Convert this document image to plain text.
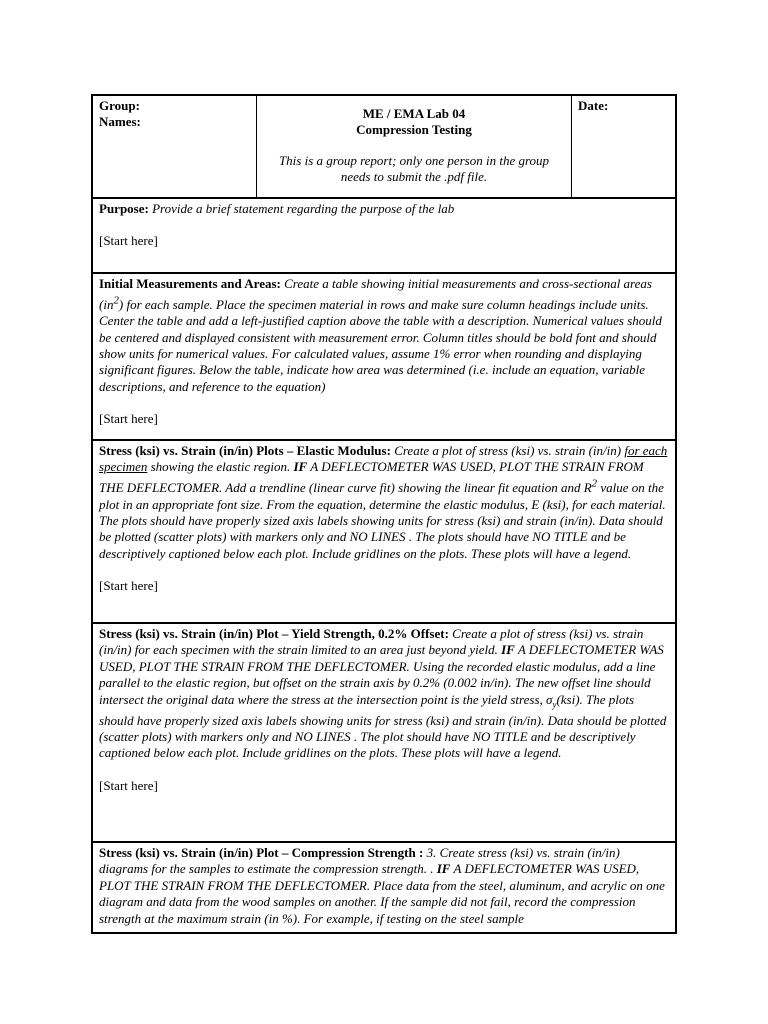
Group:
Names:
ME / EMA Lab 04
Compression Testing
This is a group report; only one person in the group needs to submit the .pdf file.
Date:
Purpose: Provide a brief statement regarding the purpose of the lab
[Start here]
Initial Measurements and Areas: Create a table showing initial measurements and cross-sectional areas $(in^2)$ for each sample. Place the specimen material in rows and make sure column headings include units. Center the table and add a left-justified caption above the table with a description. Numerical values should be centered and displayed consistent with measurement error. Column titles should be bold font and should show units for numerical values. For calculated values, assume 1% error when rounding and displaying significant figures. Below the table, indicate how area was determined (i.e. include an equation, variable descriptions, and reference to the equation)
[Start here]
Stress (ksi) vs. Strain (in/in) Plots – Elastic Modulus: Create a plot of stress (ksi) vs. strain (in/in) for each specimen showing the elastic region. IF A DEFLECTOMETER WAS USED, PLOT THE STRAIN FROM THE DEFLECTOMER. Add a trendline (linear curve fit) showing the linear fit equation and $R^2$ value on the plot in an appropriate font size. From the equation, determine the elastic modulus, E (ksi), for each material. The plots should have properly sized axis labels showing units for stress (ksi) and strain (in/in). Data should be plotted (scatter plots) with markers only and NO LINES . The plots should have NO TITLE and be descriptively captioned below each plot. Include gridlines on the plots. These plots will have a legend.
[Start here]
Stress (ksi) vs. Strain (in/in) Plot – Yield Strength, 0.2% Offset: Create a plot of stress (ksi) vs. strain (in/in) for each specimen with the strain limited to an area just beyond yield. IF A DEFLECTOMETER WAS USED, PLOT THE STRAIN FROM THE DEFLECTOMER. Using the recorded elastic modulus, add a line parallel to the elastic region, but offset on the strain axis by 0.2% (0.002 in/in). The new offset line should intersect the original data where the stress at the intersection point is the yield stress, $\sigma_y(ksi)$. The plots should have properly sized axis labels showing units for stress (ksi) and strain (in/in). Data should be plotted (scatter plots) with markers only and NO LINES . The plot should have NO TITLE and be descriptively captioned below each plot. Include gridlines on the plots. These plots will have a legend.
[Start here]
Stress (ksi) vs. Strain (in/in) Plot – Compression Strength : 3. Create stress (ksi) vs. strain (in/in) diagrams for the samples to estimate the compression strength. . IF A DEFLECTOMETER WAS USED, PLOT THE STRAIN FROM THE DEFLECTOMER. Place data from the steel, aluminum, and acrylic on one diagram and data from the wood samples on another. If the sample did not fail, record the compression strength at the maximum strain (in %). For example, if testing on the steel sample
